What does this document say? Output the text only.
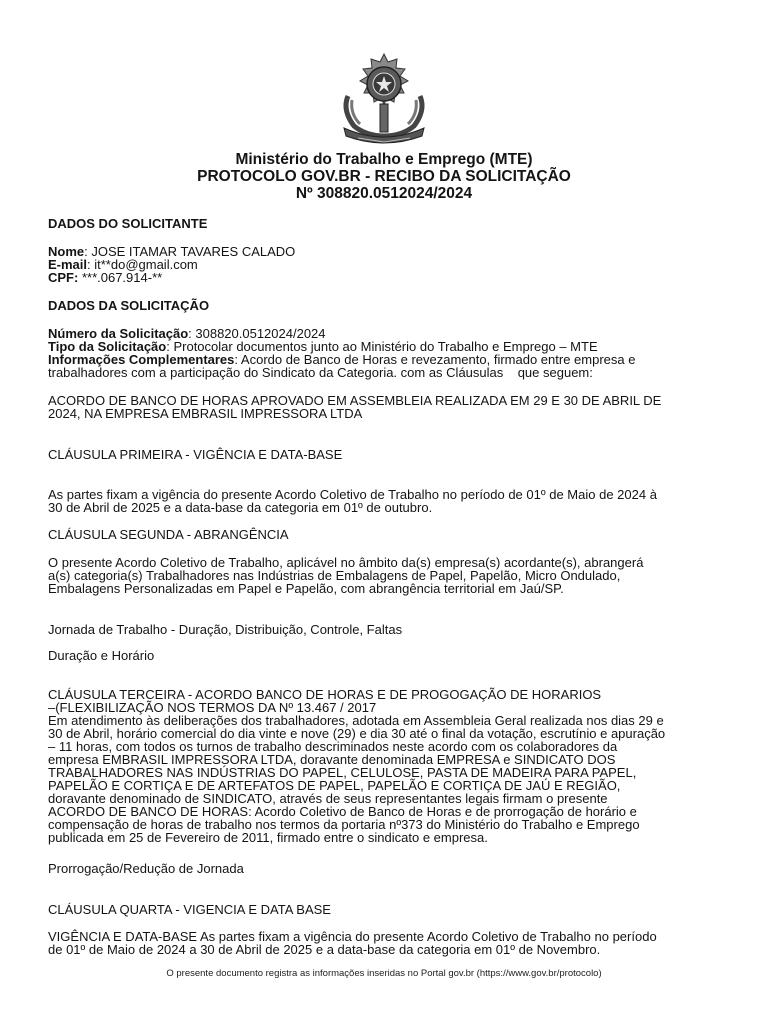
Ministério do Trabalho e Emprego (MTE)
PROTOCOLO GOV.BR - RECIBO DA SOLICITAÇÃO
Nº 308820.0512024/2024
DADOS DO SOLICITANTE
Nome: JOSE ITAMAR TAVARES CALADO
E-mail: it**do@gmail.com
CPF: ***.067.914-**
DADOS DA SOLICITAÇÃO
Número da Solicitação: 308820.0512024/2024
Tipo da Solicitação: Protocolar documentos junto ao Ministério do Trabalho e Emprego – MTE
Informações Complementares: Acordo de Banco de Horas e revezamento, firmado entre empresa e
trabalhadores com a participação do Sindicato da Categoria. com as Cláusulas    que seguem:
ACORDO DE BANCO DE HORAS APROVADO EM ASSEMBLEIA REALIZADA EM 29 E 30 DE ABRIL DE
2024, NA EMPRESA EMBRASIL IMPRESSORA LTDA
CLÁUSULA PRIMEIRA - VIGÊNCIA E DATA-BASE
As partes fixam a vigência do presente Acordo Coletivo de Trabalho no período de 01º de Maio de 2024 à
30 de Abril de 2025 e a data-base da categoria em 01º de outubro.
CLÁUSULA SEGUNDA - ABRANGÊNCIA
O presente Acordo Coletivo de Trabalho, aplicável no âmbito da(s) empresa(s) acordante(s), abrangerá
a(s) categoria(s) Trabalhadores nas Indústrias de Embalagens de Papel, Papelão, Micro Ondulado,
Embalagens Personalizadas em Papel e Papelão, com abrangência territorial em Jaú/SP.
Jornada de Trabalho - Duração, Distribuição, Controle, Faltas
Duração e Horário
CLÁUSULA TERCEIRA - ACORDO BANCO DE HORAS E DE PROGOGAÇÃO DE HORARIOS
–(FLEXIBILIZAÇÃO NOS TERMOS DA Nº 13.467 / 2017
Em atendimento às deliberações dos trabalhadores, adotada em Assembleia Geral realizada nos dias 29 e
30 de Abril, horário comercial do dia vinte e nove (29) e dia 30 até o final da votação, escrutínio e apuração
– 11 horas, com todos os turnos de trabalho descriminados neste acordo com os colaboradores da
empresa EMBRASIL IMPRESSORA LTDA, doravante denominada EMPRESA e SINDICATO DOS
TRABALHADORES NAS INDÚSTRIAS DO PAPEL, CELULOSE, PASTA DE MADEIRA PARA PAPEL,
PAPELÃO E CORTIÇA E DE ARTEFATOS DE PAPEL, PAPELÃO E CORTIÇA DE JAÚ E REGIÃO,
doravante denominado de SINDICATO, através de seus representantes legais firmam o presente
ACORDO DE BANCO DE HORAS: Acordo Coletivo de Banco de Horas e de prorrogação de horário e
compensação de horas de trabalho nos termos da portaria nº373 do Ministério do Trabalho e Emprego
publicada em 25 de Fevereiro de 2011, firmado entre o sindicato e empresa.
Prorrogação/Redução de Jornada
CLÁUSULA QUARTA - VIGENCIA E DATA BASE
VIGÊNCIA E DATA-BASE As partes fixam a vigência do presente Acordo Coletivo de Trabalho no período
de 01º de Maio de 2024 a 30 de Abril de 2025 e a data-base da categoria em 01º de Novembro.
O presente documento registra as informações inseridas no Portal gov.br (https://www.gov.br/protocolo)
